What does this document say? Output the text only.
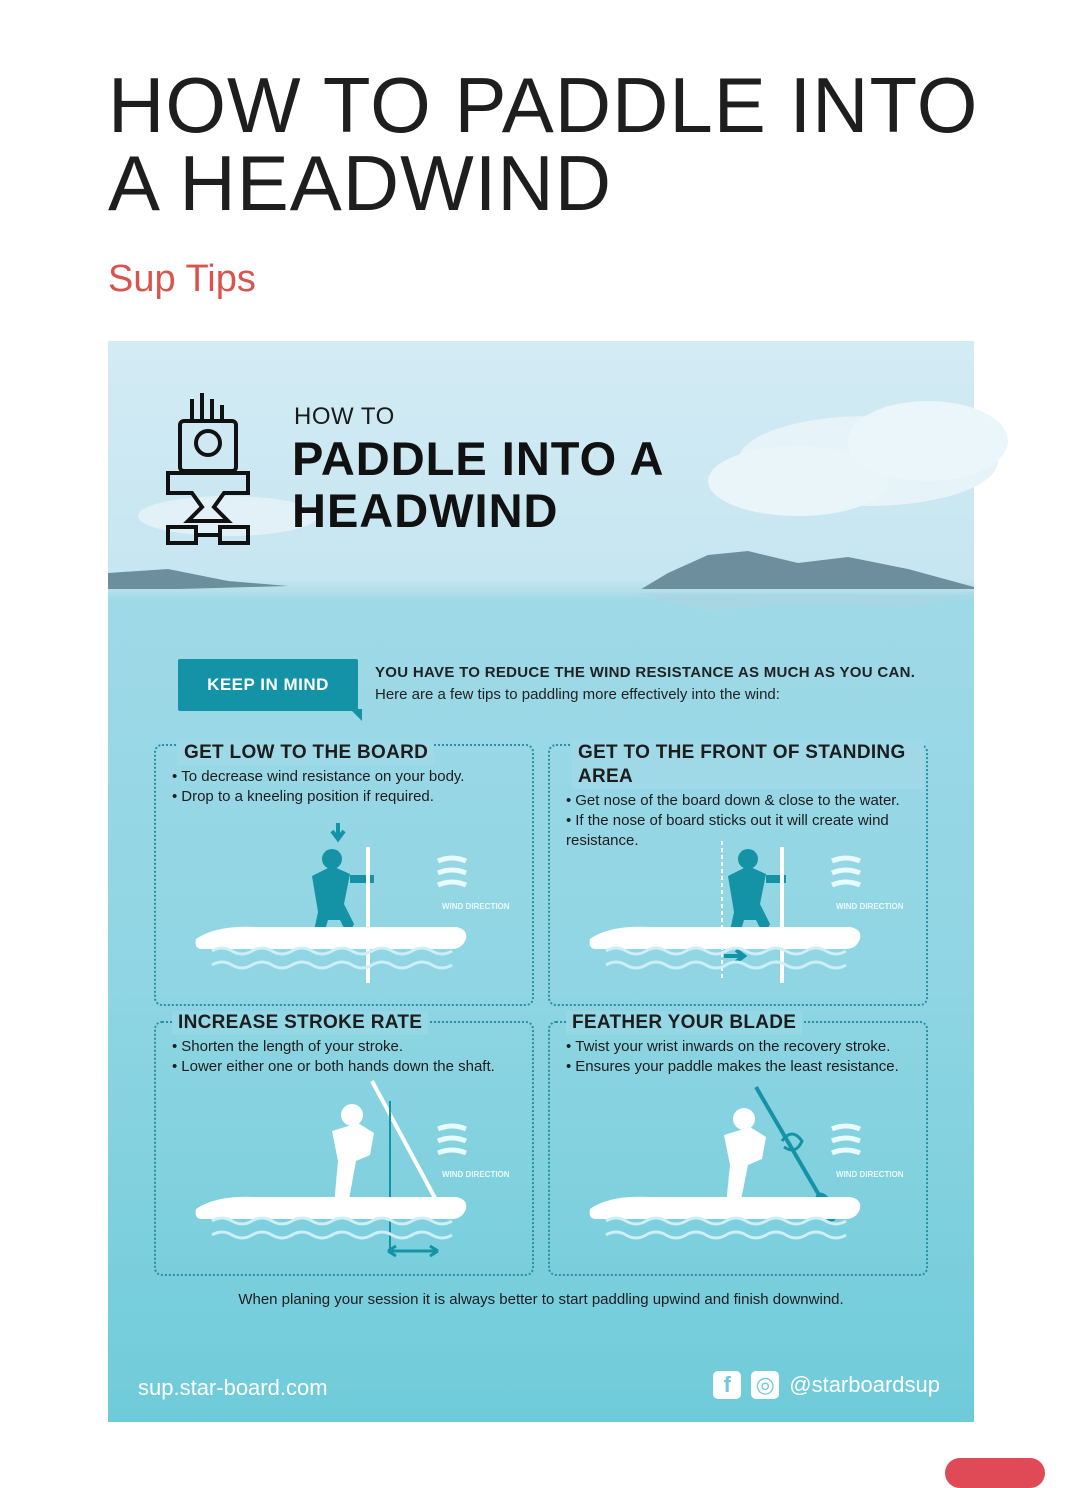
HOW TO PADDLE INTO A HEADWIND
Sup Tips
HOW TO
PADDLE INTO A HEADWIND
KEEP IN MIND
YOU HAVE TO REDUCE THE WIND RESISTANCE AS MUCH AS YOU CAN.
Here are a few tips to paddling more effectively into the wind:
GET LOW TO THE BOARD
• To decrease wind resistance on your body.
• Drop to a kneeling position if required.
WIND DIRECTION
GET TO THE FRONT OF STANDING AREA
• Get nose of the board down & close to the water.
• If the nose of board sticks out it will create wind resistance.
WIND DIRECTION
INCREASE STROKE RATE
• Shorten the length of your stroke.
• Lower either one or both hands down the shaft.
WIND DIRECTION
FEATHER YOUR BLADE
• Twist your wrist inwards on the recovery stroke.
• Ensures your paddle makes the least resistance.
WIND DIRECTION
When planing your session it is always better to start paddling upwind and finish downwind.
sup.star-board.com	f	◎ @starboardsup
